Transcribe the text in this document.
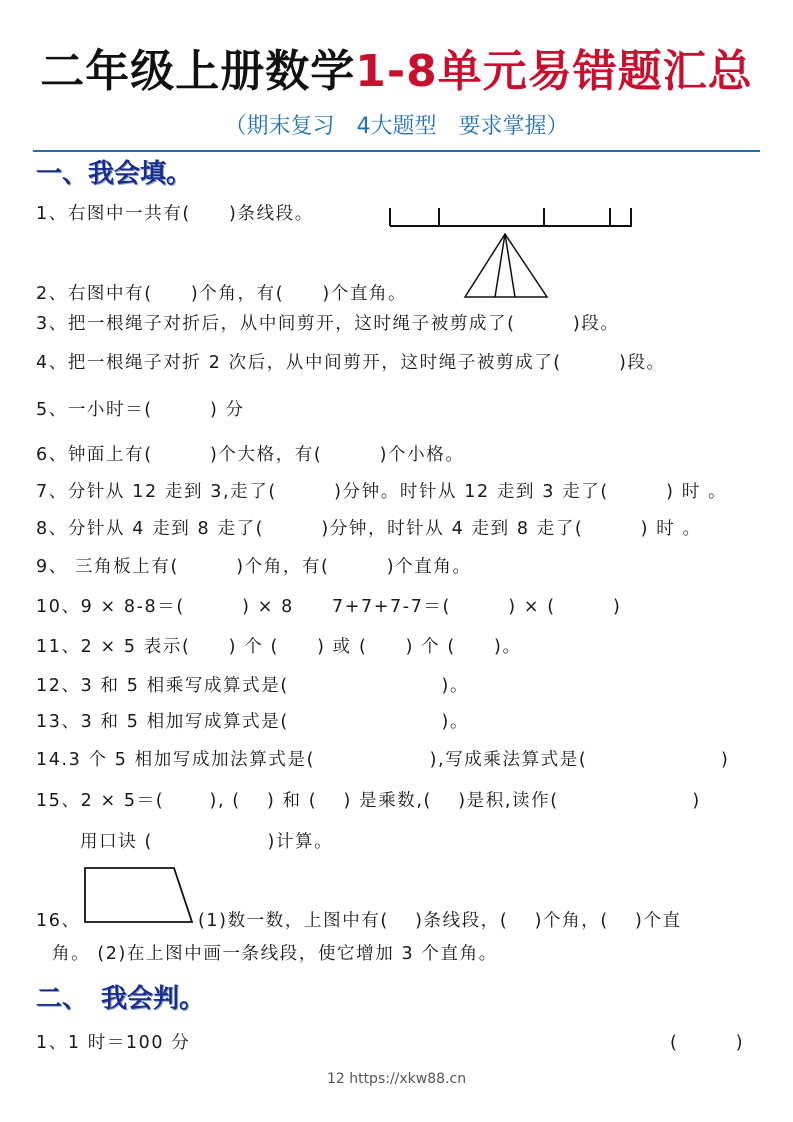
二年级上册数学1-8单元易错题汇总
（期末复习　4大题型　要求掌握）
一、我会填。
1、右图中一共有(　　)条线段。
2、右图中有(　　)个角，有(　　)个直角。
3、把一根绳子对折后，从中间剪开，这时绳子被剪成了(　　　)段。
4、把一根绳子对折 2 次后，从中间剪开，这时绳子被剪成了(　　　)段。
5、一小时＝(　　　) 分
6、钟面上有(　　　)个大格，有(　　　)个小格。
7、分针从 12 走到 3,走了(　　　)分钟。时针从 12 走到 3 走了(　　　) 时 。
8、分针从 4 走到 8 走了(　　　)分钟，时针从 4 走到 8 走了(　　　) 时 。
9、 三角板上有(　　　)个角，有(　　　)个直角。
10、9 × 8-8＝(　　　) × 8　　7+7+7-7＝(　　　) × (　　　)
11、2 × 5 表示(　　) 个 (　　) 或 (　　) 个 (　　)。
12、3 和 5 相乘写成算式是(　　　　　　　　)。
13、3 和 5 相加写成算式是(　　　　　　　　)。
14.3 个 5 相加写成加法算式是(　　　　　　),写成乘法算式是(　　　　　　　)
15、2 × 5＝(　　 ), (　 ) 和 (　 ) 是乘数,(　 )是积,读作(　　　　　　　)
用口诀 (　　　　　　)计算。
16、	(1)数一数，上图中有(　 )条线段，(　 )个角，(　 )个直
角。 (2)在上图中画一条线段，使它增加 3 个直角。
二、　我会判。
1、1 时＝100 分	(　　　)
12 https://xkw88.cn
